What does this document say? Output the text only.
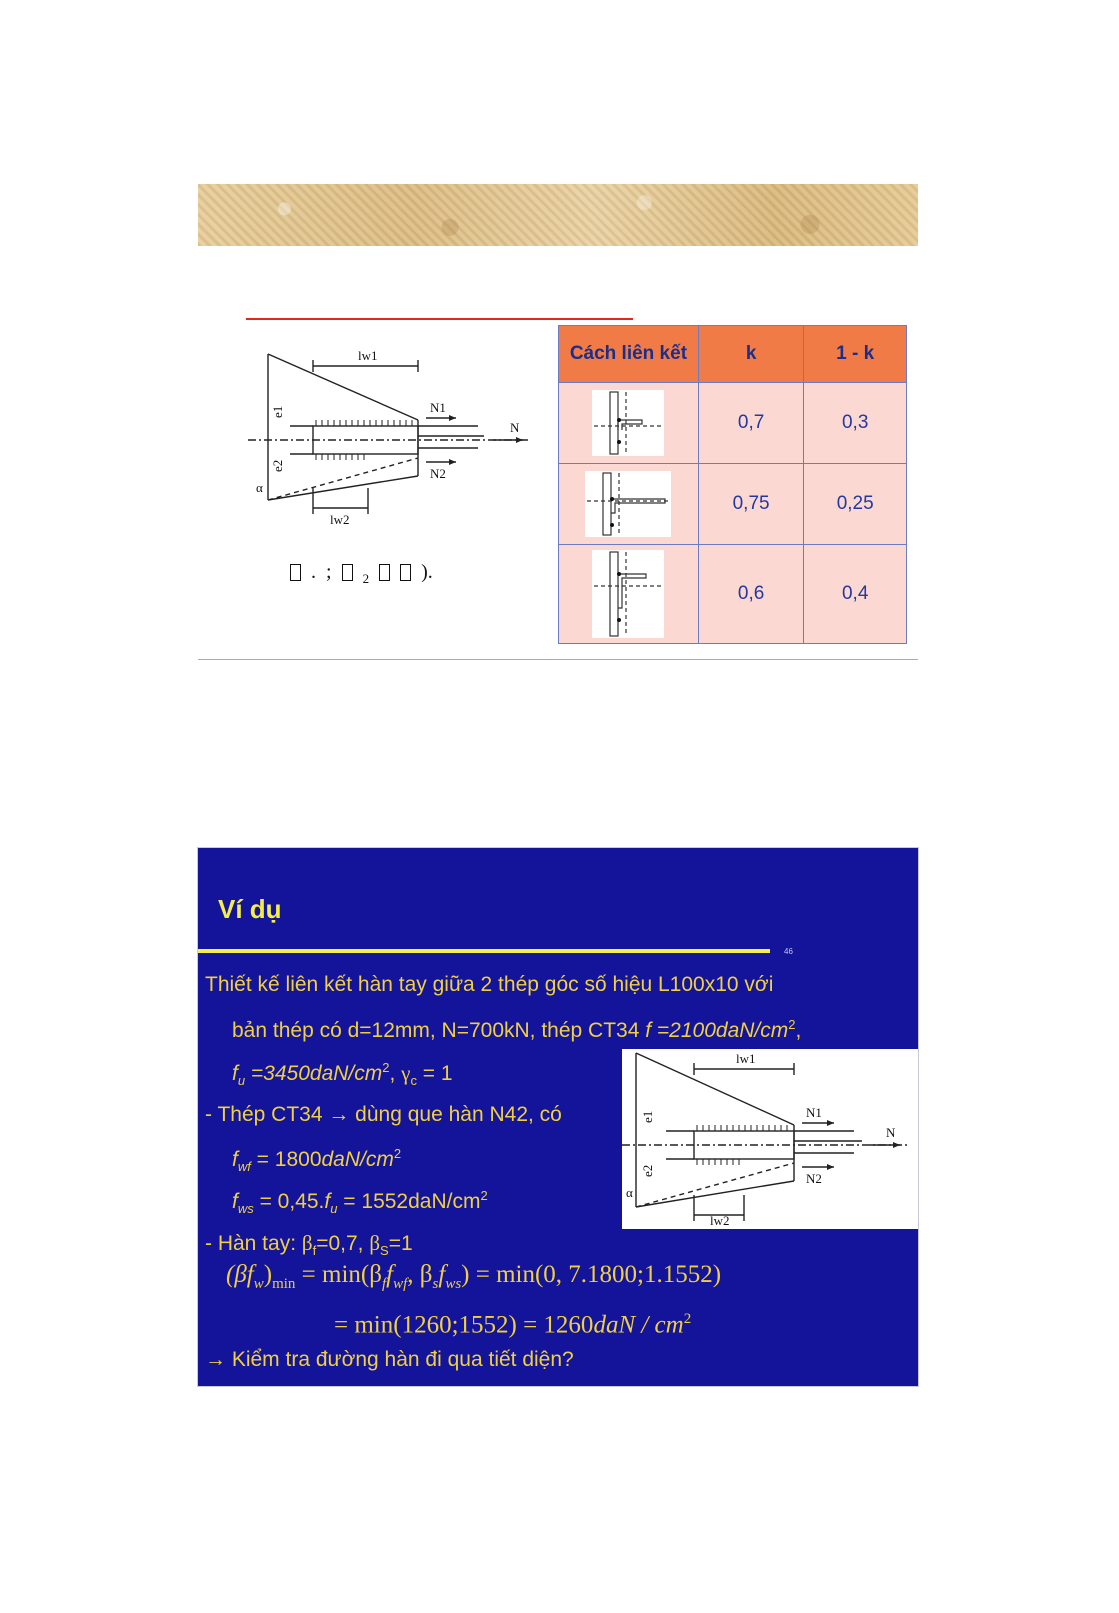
lw1
lw2
N1
N2
N
e1
e2
α
. ; 2	).
Cách liên kết	k	1 - k

	0,7	0,3

	0,75	0,25

	0,6	0,4
Ví dụ
46
Thiết kế liên kết hàn tay giữa 2 thép góc số hiệu L100x10 với
bản thép có d=12mm, N=700kN, thép CT34 $f =2100daN/cm^2$,
$f_u =3450daN/cm^2$, $\gamma_c = 1$
- Thép CT34 → dùng que hàn N42, có
$f_{wf} = 1800daN/cm^2$
$f_{ws} = 0,45.f_u = 1552daN/cm^2$
- Hàn tay: $\beta_f=0,7$, $\beta_S=1$
$(\beta f_w)_{min} = \min(\beta_ff_{wf}$, $\beta_sf_{ws}) = \min(0$, 7.1800;1.1552)
= min(1260;1552) = $1260daN / cm^2$
→ Kiểm tra đường hàn đi qua tiết diện?
lw1
lw2
N1
N2
N
e1
e2
α
